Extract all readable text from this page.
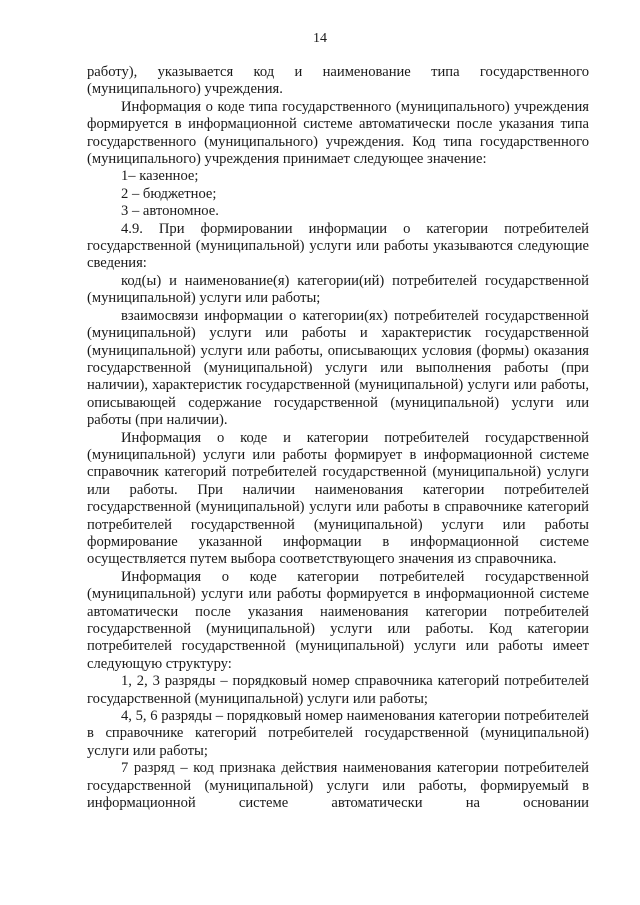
14

работу), указывается код и наименование типа государственного (муниципального) учреждения.

Информация о коде типа государственного (муниципального) учреждения формируется в информационной системе автоматически после указания типа государственного (муниципального) учреждения. Код типа государственного (муниципального) учреждения принимает следующее значение:

1– казенное;

2 – бюджетное;

3 – автономное.

4.9. При формировании информации о категории потребителей государственной (муниципальной) услуги или работы указываются следующие сведения:

код(ы) и наименование(я) категории(ий) потребителей государственной (муниципальной) услуги или работы;

взаимосвязи информации о категории(ях) потребителей государственной (муниципальной) услуги или работы и характеристик государственной (муниципальной) услуги или работы, описывающих условия (формы) оказания государственной (муниципальной) услуги или выполнения работы (при наличии), характеристик государственной (муниципальной) услуги или работы, описывающей содержание государственной (муниципальной) услуги или работы (при наличии).

Информация о коде и категории потребителей государственной (муниципальной) услуги или работы формирует в информационной системе справочник категорий потребителей государственной (муниципальной) услуги или работы. При наличии наименования категории потребителей государственной (муниципальной) услуги или работы в справочнике категорий потребителей государственной (муниципальной) услуги или работы формирование указанной информации в информационной системе осуществляется путем выбора соответствующего значения из справочника.

Информация о коде категории потребителей государственной (муниципальной) услуги или работы формируется в информационной системе автоматически после указания наименования категории потребителей государственной (муниципальной) услуги или работы. Код категории потребителей государственной (муниципальной) услуги или работы имеет следующую структуру:

1, 2, 3 разряды – порядковый номер справочника категорий потребителей государственной (муниципальной) услуги или работы;

4, 5, 6 разряды – порядковый номер наименования категории потребителей в справочнике категорий потребителей государственной (муниципальной) услуги или работы;

7 разряд – код признака действия наименования категории потребителей государственной (муниципальной) услуги или работы, формируемый в информационной системе автоматически на основании
